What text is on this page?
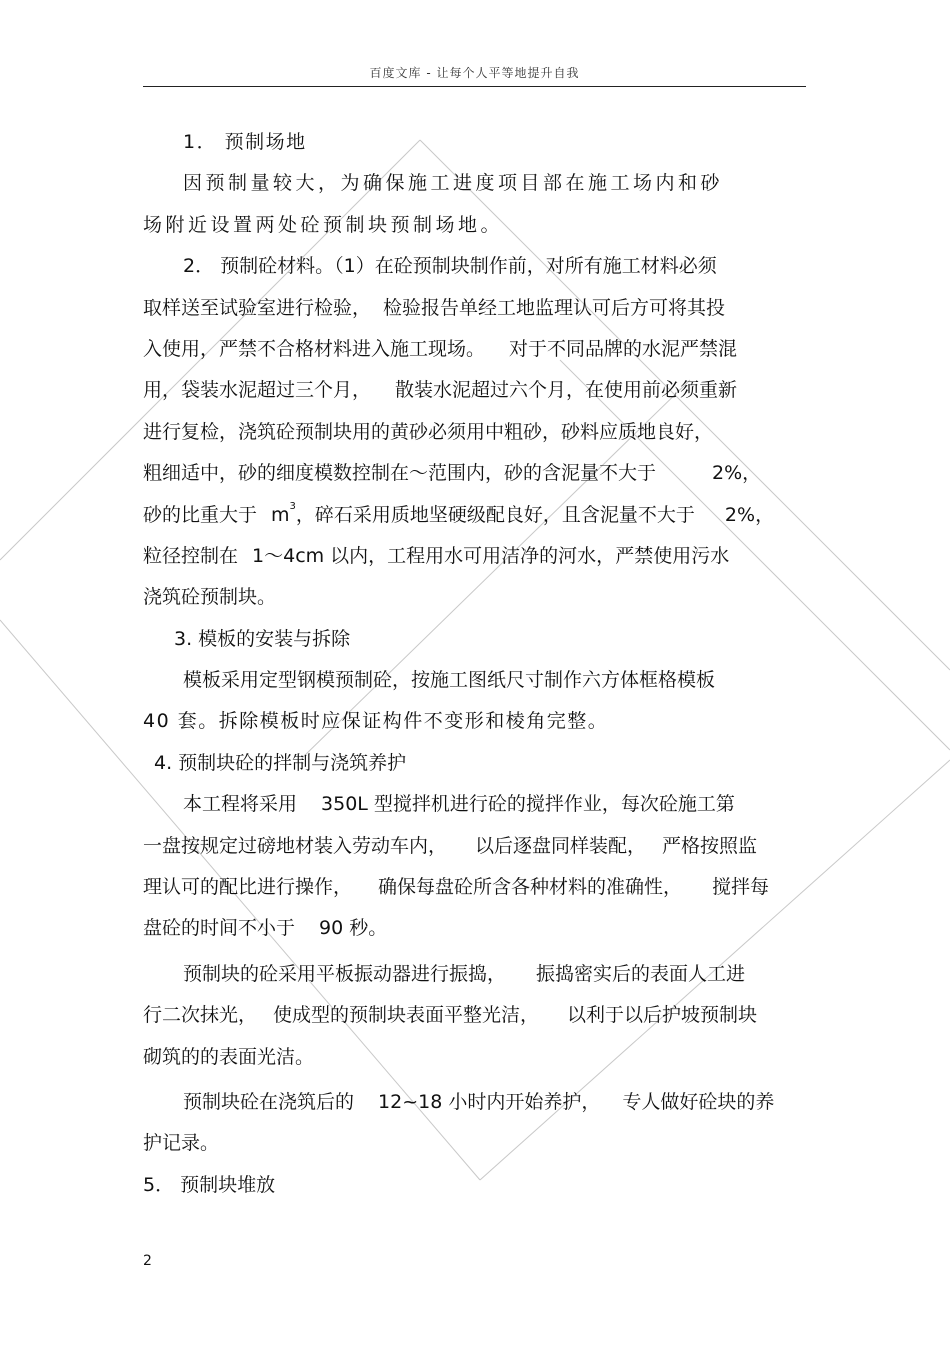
百度文库 - 让每个人平等地提升自我
1． 预制场地
因预制量较大，为确保施工进度项目部在施工场内和砂
场附近设置两处砼预制块预制场地。
2． 预制砼材料。（1）在砼预制块制作前，对所有施工材料必须
取样送至试验室进行检验， 检验报告单经工地监理认可后方可将其投
入使用，严禁不合格材料进入施工现场。 对于不同品牌的水泥严禁混
用，袋装水泥超过三个月， 散装水泥超过六个月，在使用前必须重新
进行复检，浇筑砼预制块用的黄砂必须用中粗砂，砂料应质地良好，
粗细适中，砂的细度模数控制在～范围内，砂的含泥量不大于	2%，
砂的比重大于 $m^3$，碎石采用质地坚硬级配良好，且含泥量不大于 2%，
粒径控制在 1～4cm 以内，工程用水可用洁净的河水，严禁使用污水
浇筑砼预制块。
3. 模板的安装与拆除
模板采用定型钢模预制砼，按施工图纸尺寸制作六方体框格模板
40 套。拆除模板时应保证构件不变形和棱角完整。
4. 预制块砼的拌制与浇筑养护
本工程将采用 350L 型搅拌机进行砼的搅拌作业，每次砼施工第
一盘按规定过磅地材装入劳动车内， 以后逐盘同样装配， 严格按照监
理认可的配比进行操作， 确保每盘砼所含各种材料的准确性， 搅拌每
盘砼的时间不小于 90 秒。
预制块的砼采用平板振动器进行振捣， 振捣密实后的表面人工进
行二次抹光， 使成型的预制块表面平整光洁， 以利于以后护坡预制块
砌筑的的表面光洁。
预制块砼在浇筑后的 12~18 小时内开始养护， 专人做好砼块的养
护记录。
5． 预制块堆放
2
